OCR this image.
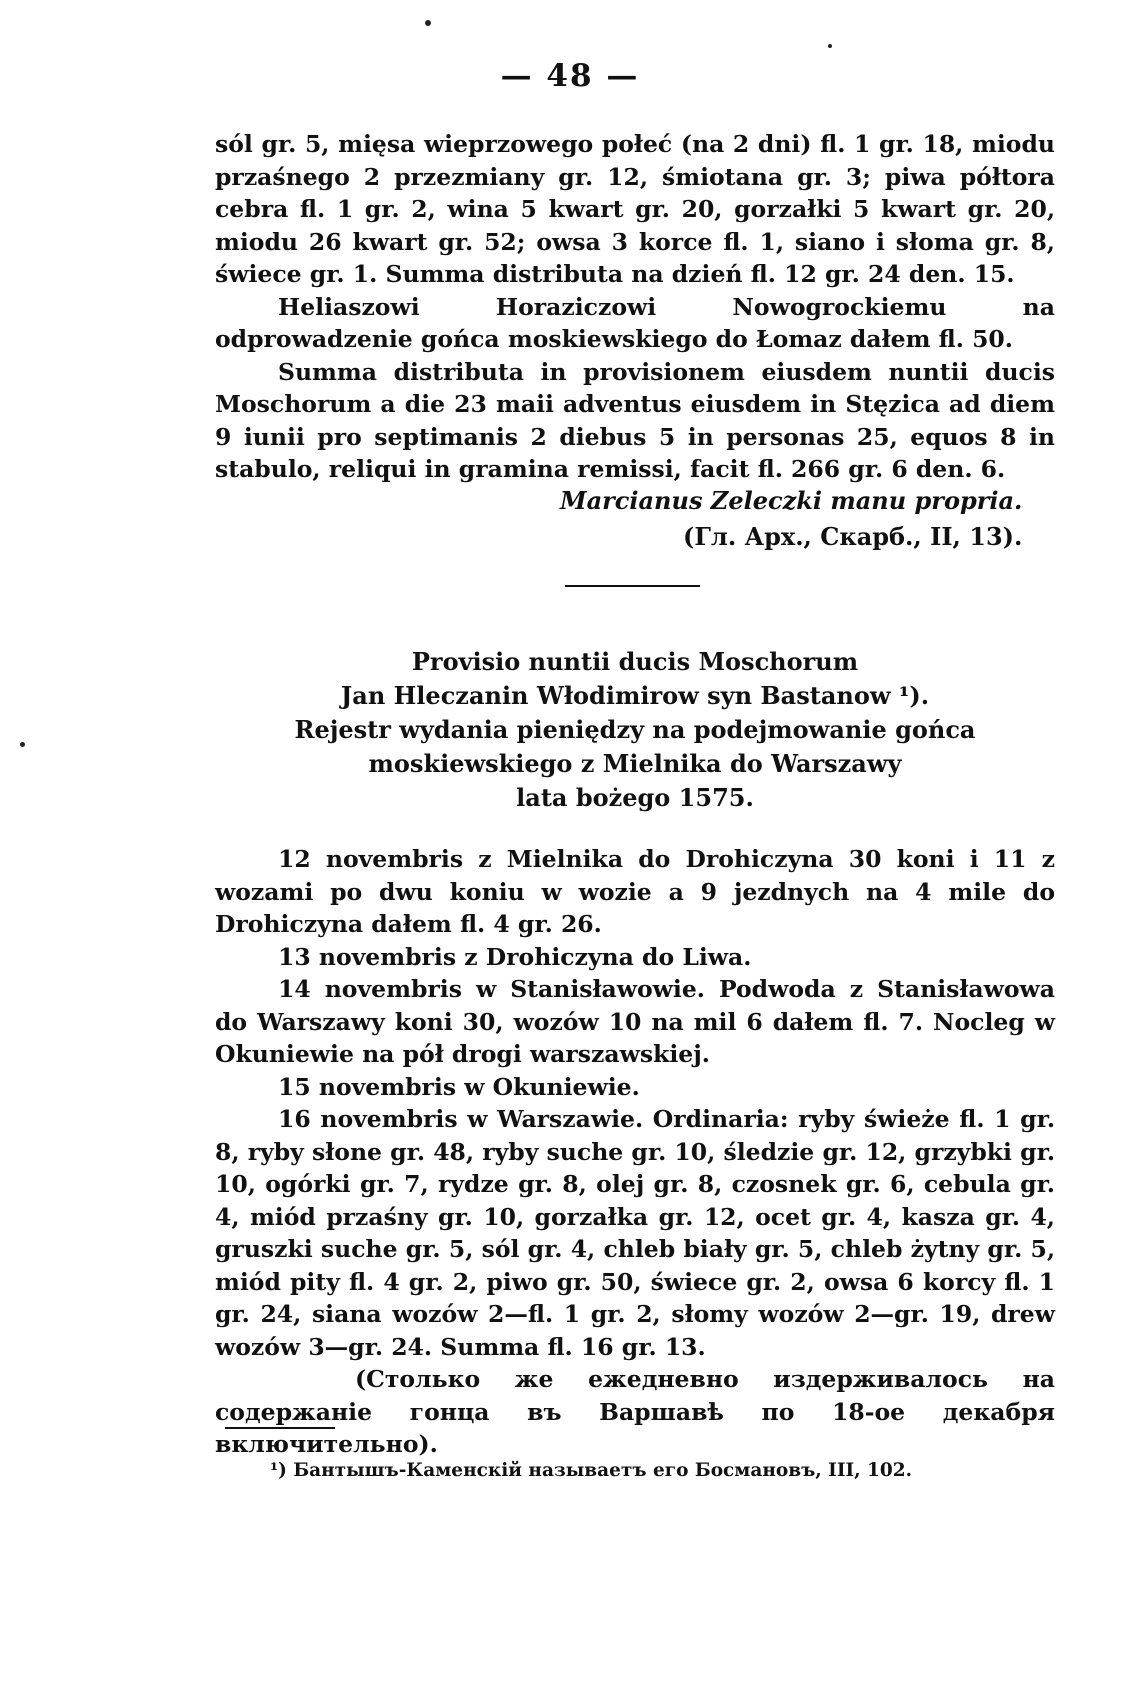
— 48 —

sól gr. 5, mięsa wieprzowego połeć (na 2 dni) fl. 1 gr. 18, miodu przaśnego 2 przezmiany gr. 12, śmiotana gr. 3; piwa półtora cebra fl. 1 gr. 2, wina 5 kwart gr. 20, gorzałki 5 kwart gr. 20, miodu 26 kwart gr. 52; owsa 3 korce fl. 1, siano i słoma gr. 8, świece gr. 1. Summa distributa na dzień fl. 12 gr. 24 den. 15.

Heliaszowi Horaziczowi Nowogrockiemu na odprowadzenie gońca moskiewskiego do Łomaz dałem fl. 50.

Summa distributa in provisionem eiusdem nuntii ducis Moschorum a die 23 maii adventus eiusdem in Stęzica ad diem 9 iunii pro septimanis 2 diebus 5 in personas 25, equos 8 in stabulo, reliqui in gramina remissi, facit fl. 266 gr. 6 den. 6.

Marcianus Zeleczki manu propria.
(Гл. Арх., Скарб., II, 13).
Provisio nuntii ducis Moschorum
Jan Hleczanin Włodimirow syn Bastanow ¹).
Rejestr wydania pieniędzy na podejmowanie gońca
moskiewskiego z Mielnika do Warszawy
lata bożego 1575.

12 novembris z Mielnika do Drohiczyna 30 koni i 11 z wozami po dwu koniu w wozie a 9 jezdnych na 4 mile do Drohiczyna dałem fl. 4 gr. 26.

13 novembris z Drohiczyna do Liwa.

14 novembris w Stanisławowie. Podwoda z Stanisławowa do Warszawy koni 30, wozów 10 na mil 6 dałem fl. 7. Nocleg w Okuniewie na pół drogi warszawskiej.

15 novembris w Okuniewie.

16 novembris w Warszawie. Ordinaria: ryby świeże fl. 1 gr. 8, ryby słone gr. 48, ryby suche gr. 10, śledzie gr. 12, grzybki gr. 10, ogórki gr. 7, rydze gr. 8, olej gr. 8, czosnek gr. 6, cebula gr. 4, miód przaśny gr. 10, gorzałka gr. 12, ocet gr. 4, kasza gr. 4, gruszki suche gr. 5, sól gr. 4, chleb biały gr. 5, chleb żytny gr. 5, miód pity fl. 4 gr. 2, piwo gr. 50, świece gr. 2, owsa 6 korcy fl. 1 gr. 24, siana wozów 2—fl. 1 gr. 2, słomy wozów 2—gr. 19, drew wozów 3—gr. 24. Summa fl. 16 gr. 13.

(Столько же ежедневно издерживалось на содержаніе гонца въ Варшавѣ по 18-ое декабря включительно).

¹) Бантышъ-Каменскій называетъ его Босмановъ, III, 102.
